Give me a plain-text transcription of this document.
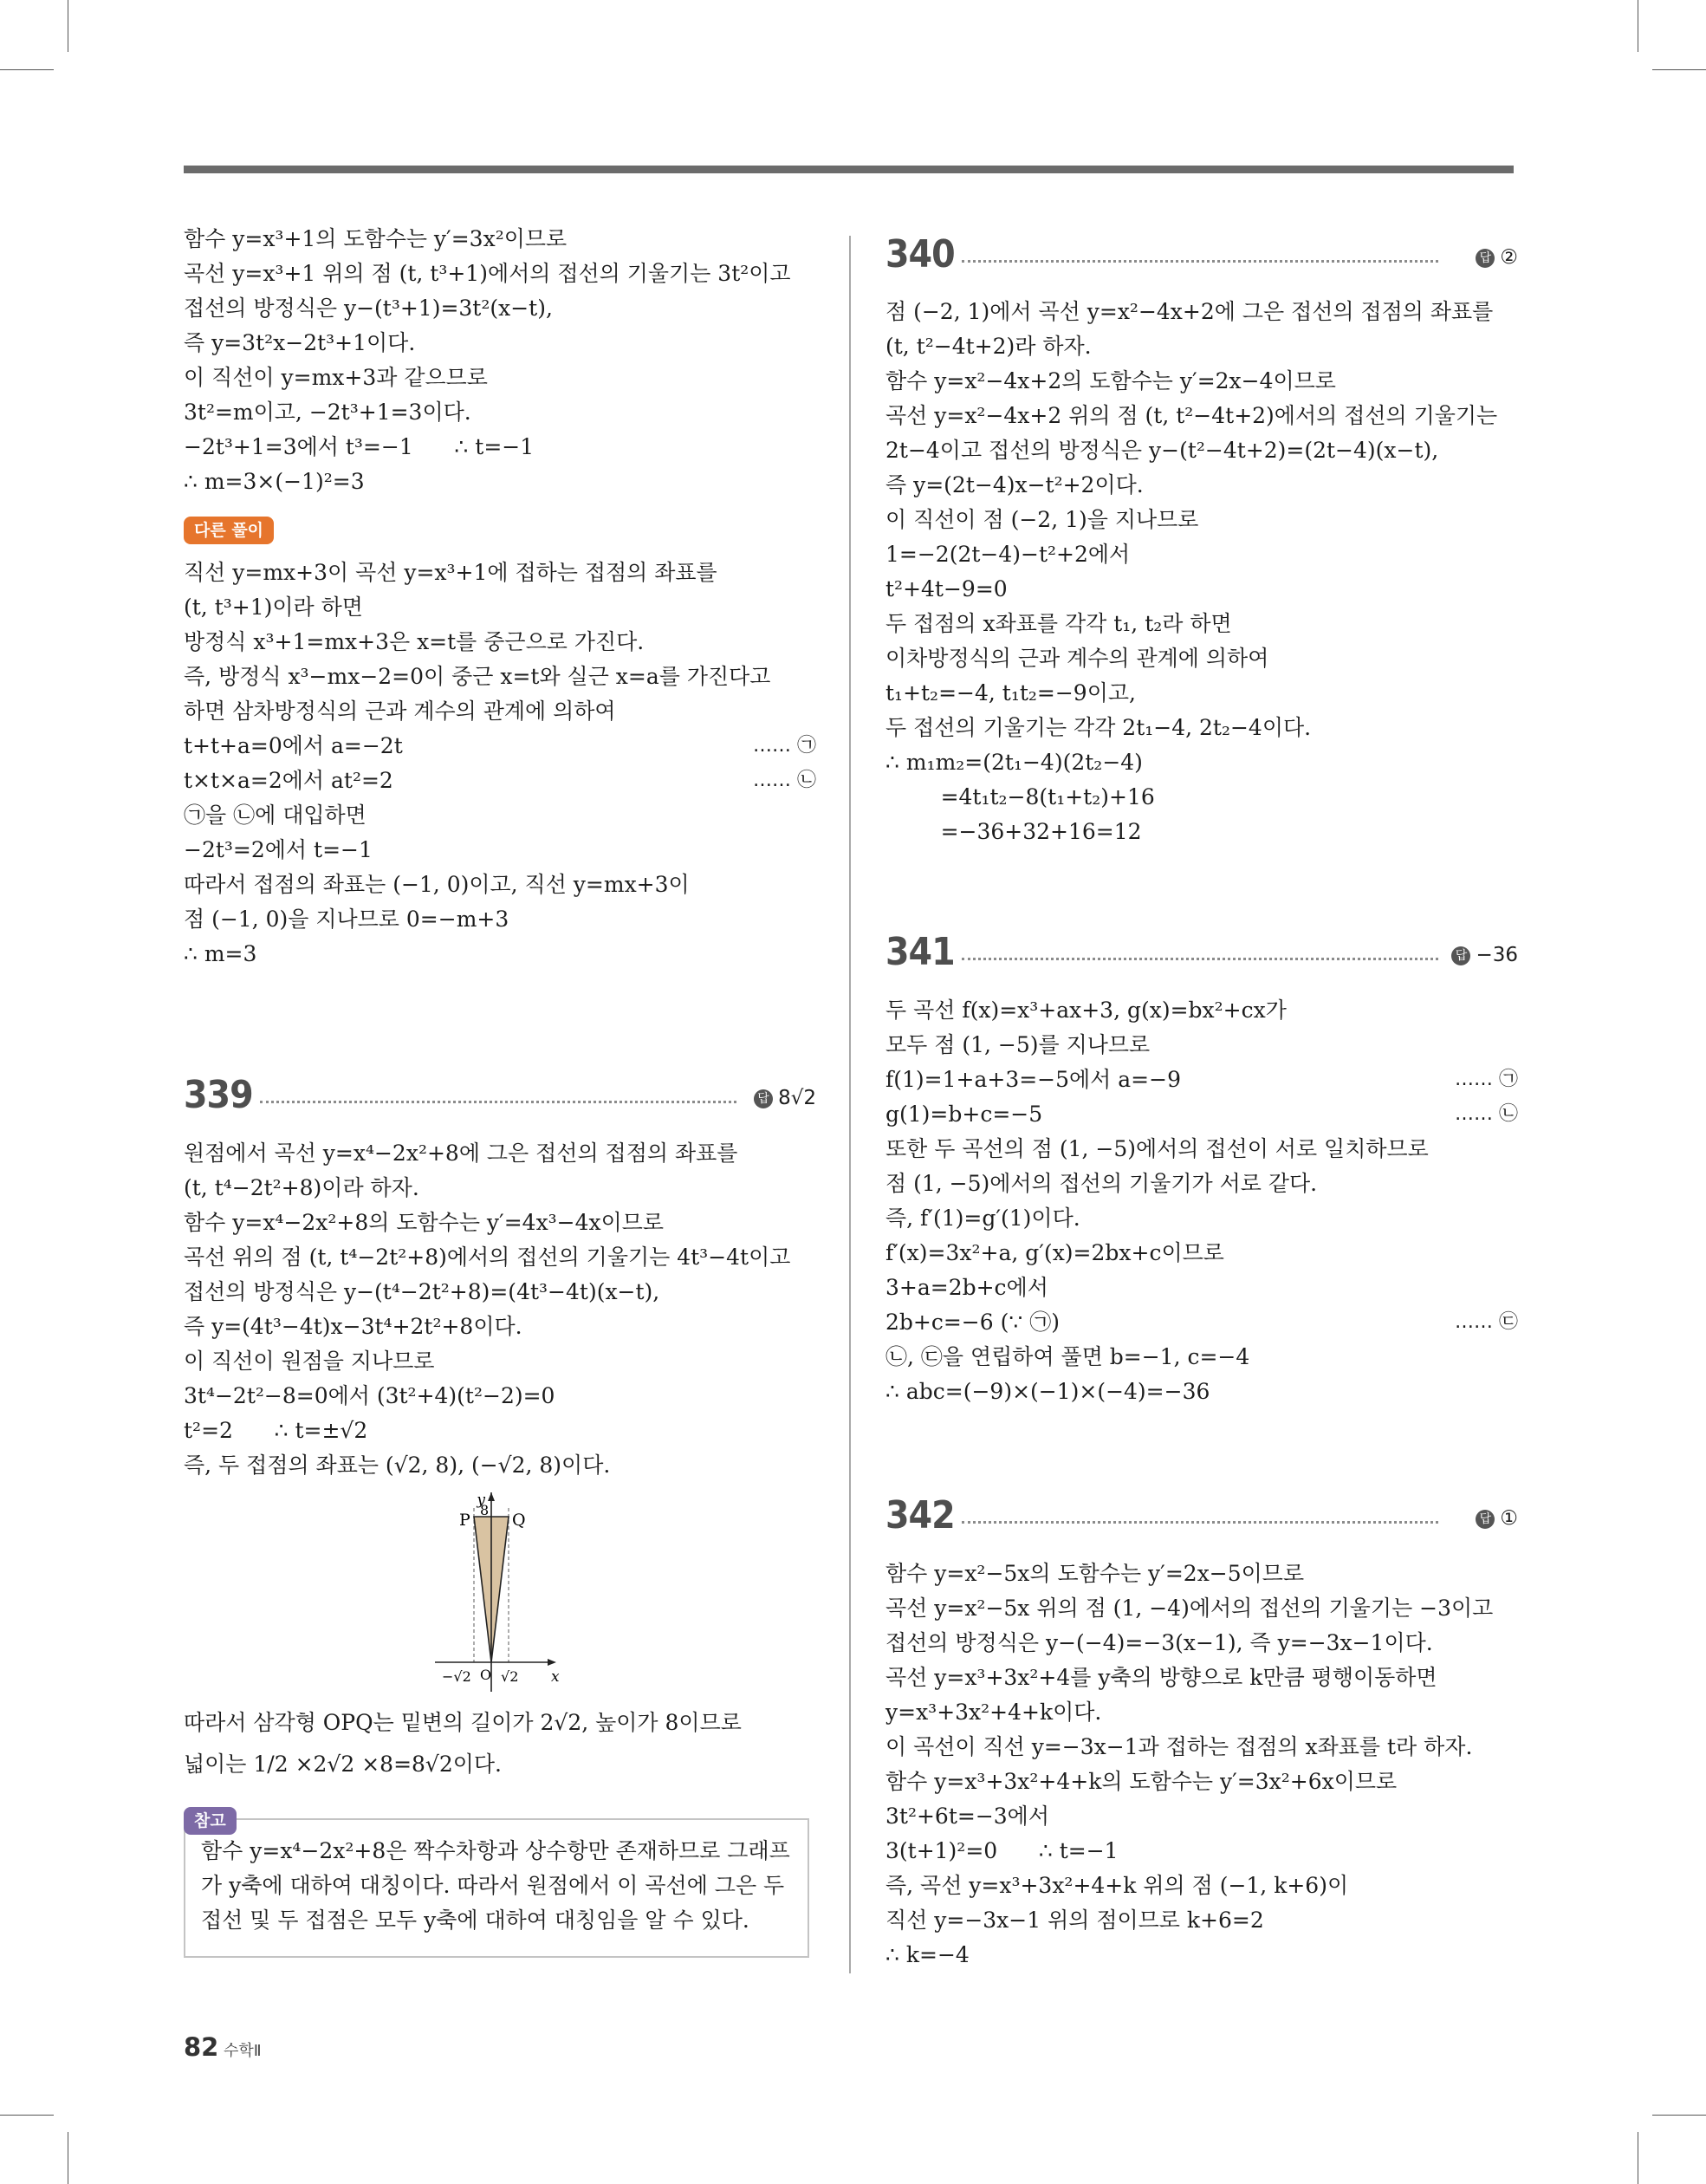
함수 y=x³+1의 도함수는 y′=3x²이므로
곡선 y=x³+1 위의 점 (t, t³+1)에서의 접선의 기울기는 3t²이고
접선의 방정식은 y−(t³+1)=3t²(x−t),
즉 y=3t²x−2t³+1이다.
이 직선이 y=mx+3과 같으므로
3t²=m이고, −2t³+1=3이다.
−2t³+1=3에서 t³=−1      ∴ t=−1
∴ m=3×(−1)²=3
다른 풀이
직선 y=mx+3이 곡선 y=x³+1에 접하는 접점의 좌표를
(t, t³+1)이라 하면
방정식 x³+1=mx+3은 x=t를 중근으로 가진다.
즉, 방정식 x³−mx−2=0이 중근 x=t와 실근 x=a를 가진다고
하면 삼차방정식의 근과 계수의 관계에 의하여
t+t+a=0에서 a=−2t	…… ㉠
t×t×a=2에서 at²=2	…… ㉡
㉠을 ㉡에 대입하면
−2t³=2에서 t=−1
따라서 접점의 좌표는 (−1, 0)이고, 직선 y=mx+3이
점 (−1, 0)을 지나므로 0=−m+3
∴ m=3
339	답 8√2
원점에서 곡선 y=x⁴−2x²+8에 그은 접선의 접점의 좌표를
(t, t⁴−2t²+8)이라 하자.
함수 y=x⁴−2x²+8의 도함수는 y′=4x³−4x이므로
곡선 위의 점 (t, t⁴−2t²+8)에서의 접선의 기울기는 4t³−4t이고
접선의 방정식은 y−(t⁴−2t²+8)=(4t³−4t)(x−t),
즉 y=(4t³−4t)x−3t⁴+2t²+8이다.
이 직선이 원점을 지나므로
3t⁴−2t²−8=0에서 (3t²+4)(t²−2)=0
t²=2      ∴ t=±√2
즉, 두 접점의 좌표는 (√2, 8), (−√2, 8)이다.
y
x
P	Q
8
O
−√2 √2
따라서 삼각형 OPQ는 밑변의 길이가 2√2, 높이가 8이므로
넓이는 1/2 ×2√2 ×8=8√2이다.
참고
함수 y=x⁴−2x²+8은 짝수차항과 상수항만 존재하므로 그래프
가 y축에 대하여 대칭이다. 따라서 원점에서 이 곡선에 그은 두
접선 및 두 접점은 모두 y축에 대하여 대칭임을 알 수 있다.
340	답 ②
점 (−2, 1)에서 곡선 y=x²−4x+2에 그은 접선의 접점의 좌표를
(t, t²−4t+2)라 하자.
함수 y=x²−4x+2의 도함수는 y′=2x−4이므로
곡선 y=x²−4x+2 위의 점 (t, t²−4t+2)에서의 접선의 기울기는
2t−4이고 접선의 방정식은 y−(t²−4t+2)=(2t−4)(x−t),
즉 y=(2t−4)x−t²+2이다.
이 직선이 점 (−2, 1)을 지나므로
1=−2(2t−4)−t²+2에서
t²+4t−9=0
두 접점의 x좌표를 각각 t₁, t₂라 하면
이차방정식의 근과 계수의 관계에 의하여
t₁+t₂=−4, t₁t₂=−9이고,
두 접선의 기울기는 각각 2t₁−4, 2t₂−4이다.
∴ m₁m₂=(2t₁−4)(2t₂−4)
=4t₁t₂−8(t₁+t₂)+16
=−36+32+16=12
341	답 −36
두 곡선 f(x)=x³+ax+3, g(x)=bx²+cx가
모두 점 (1, −5)를 지나므로
f(1)=1+a+3=−5에서 a=−9	…… ㉠
g(1)=b+c=−5	…… ㉡
또한 두 곡선의 점 (1, −5)에서의 접선이 서로 일치하므로
점 (1, −5)에서의 접선의 기울기가 서로 같다.
즉, f′(1)=g′(1)이다.
f′(x)=3x²+a, g′(x)=2bx+c이므로
3+a=2b+c에서
2b+c=−6 (∵ ㉠)	…… ㉢
㉡, ㉢을 연립하여 풀면 b=−1, c=−4
∴ abc=(−9)×(−1)×(−4)=−36
342	답 ①
함수 y=x²−5x의 도함수는 y′=2x−5이므로
곡선 y=x²−5x 위의 점 (1, −4)에서의 접선의 기울기는 −3이고
접선의 방정식은 y−(−4)=−3(x−1), 즉 y=−3x−1이다.
곡선 y=x³+3x²+4를 y축의 방향으로 k만큼 평행이동하면
y=x³+3x²+4+k이다.
이 곡선이 직선 y=−3x−1과 접하는 접점의 x좌표를 t라 하자.
함수 y=x³+3x²+4+k의 도함수는 y′=3x²+6x이므로
3t²+6t=−3에서
3(t+1)²=0      ∴ t=−1
즉, 곡선 y=x³+3x²+4+k 위의 점 (−1, k+6)이
직선 y=−3x−1 위의 점이므로 k+6=2
∴ k=−4
82 수학Ⅱ
